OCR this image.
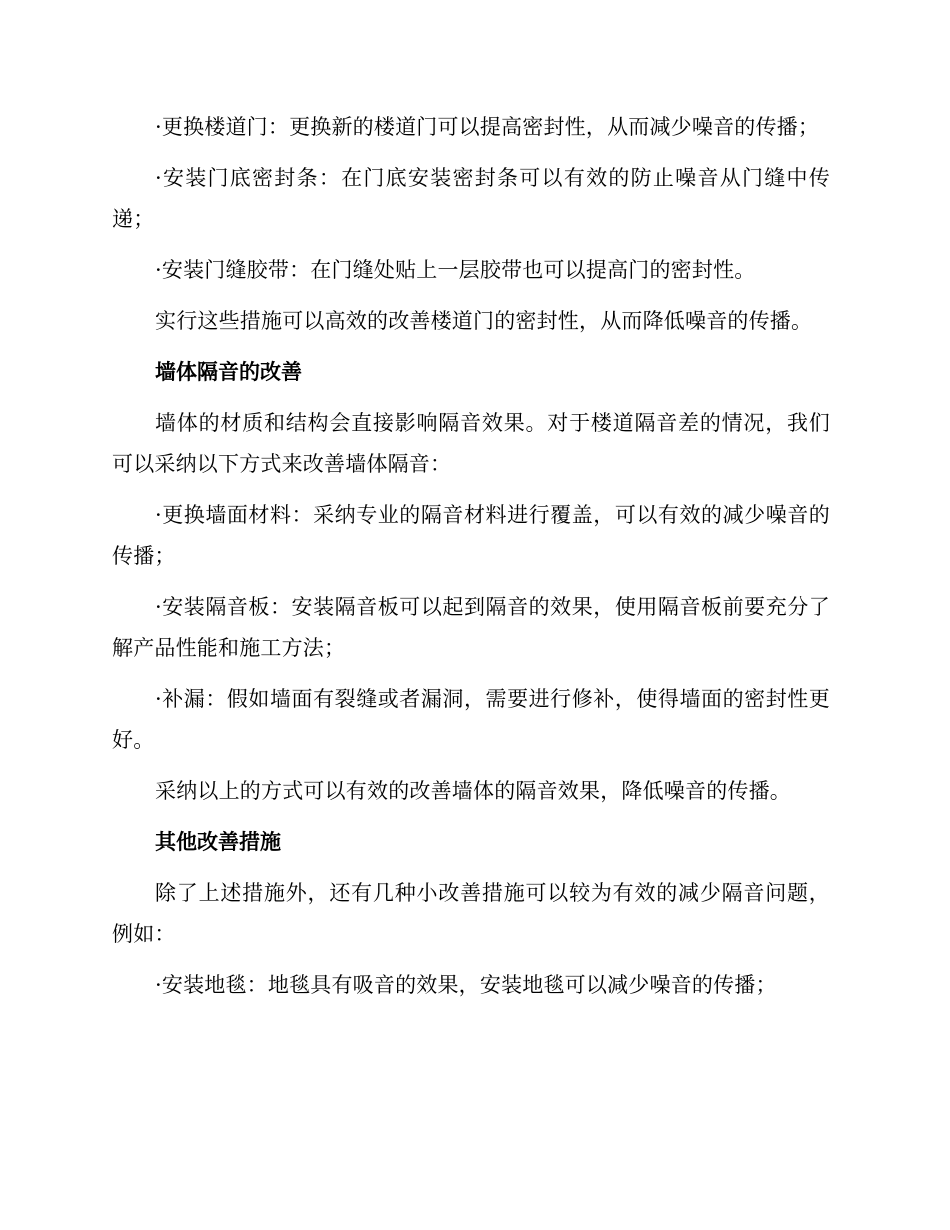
·更换楼道门：更换新的楼道门可以提高密封性，从而减少噪音的传播；

·安装门底密封条：在门底安装密封条可以有效的防止噪音从门缝中传递；

·安装门缝胶带：在门缝处贴上一层胶带也可以提高门的密封性。

实行这些措施可以高效的改善楼道门的密封性，从而降低噪音的传播。

墙体隔音的改善

墙体的材质和结构会直接影响隔音效果。对于楼道隔音差的情况，我们可以采纳以下方式来改善墙体隔音：

·更换墙面材料：采纳专业的隔音材料进行覆盖，可以有效的减少噪音的传播；

·安装隔音板：安装隔音板可以起到隔音的效果，使用隔音板前要充分了解产品性能和施工方法；

·补漏：假如墙面有裂缝或者漏洞，需要进行修补，使得墙面的密封性更好。

采纳以上的方式可以有效的改善墙体的隔音效果，降低噪音的传播。

其他改善措施

除了上述措施外，还有几种小改善措施可以较为有效的减少隔音问题，例如：

·安装地毯：地毯具有吸音的效果，安装地毯可以减少噪音的传播；
